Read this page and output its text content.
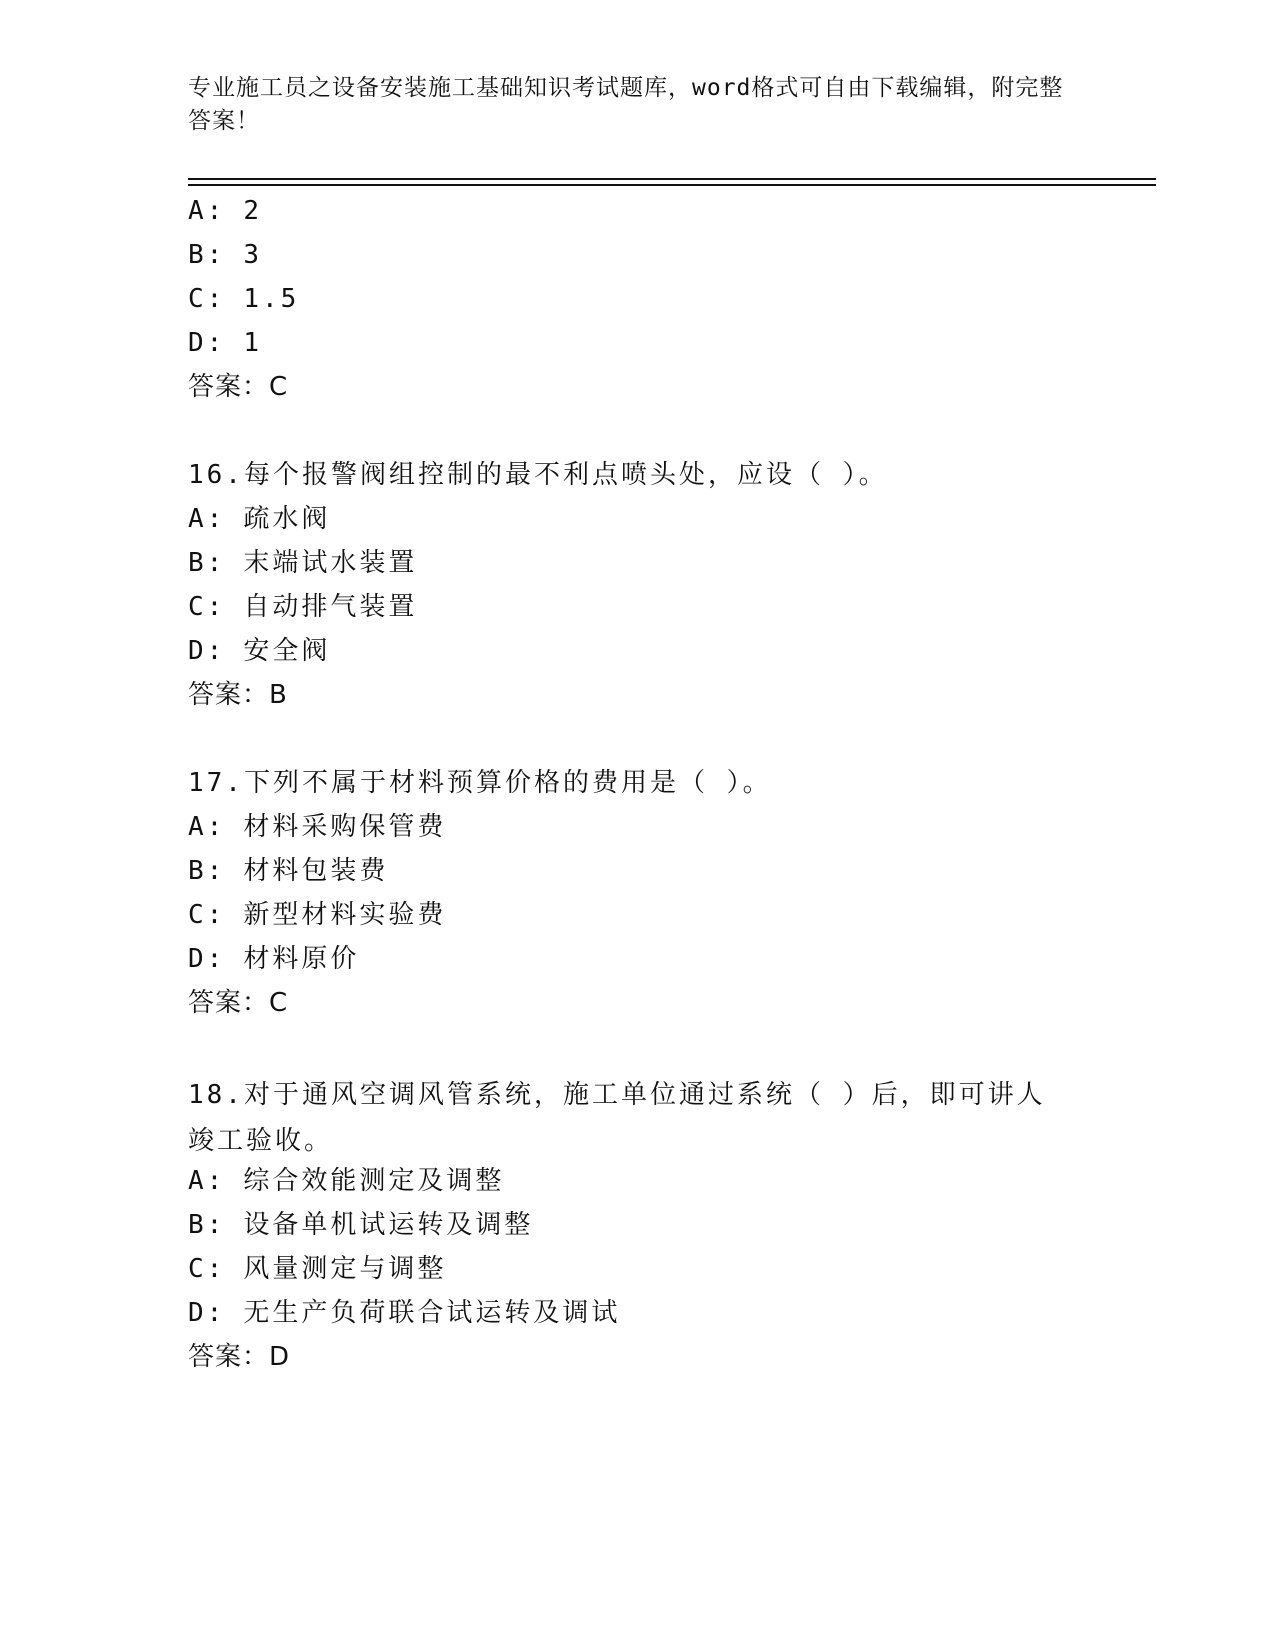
专业施工员之设备安装施工基础知识考试题库，word格式可自由下载编辑，附完整答案！
A: 2
B: 3
C: 1.5
D: 1
答案：C
16.每个报警阀组控制的最不利点喷头处，应设（ ）。
A: 疏水阀
B: 末端试水装置
C: 自动排气装置
D: 安全阀
答案：B
17.下列不属于材料预算价格的费用是（ ）。
A: 材料采购保管费
B: 材料包装费
C: 新型材料实验费
D: 材料原价
答案：C
18.对于通风空调风管系统，施工单位通过系统（ ）后，即可讲人竣工验收。
A: 综合效能测定及调整
B: 设备单机试运转及调整
C: 风量测定与调整
D: 无生产负荷联合试运转及调试
答案：D
